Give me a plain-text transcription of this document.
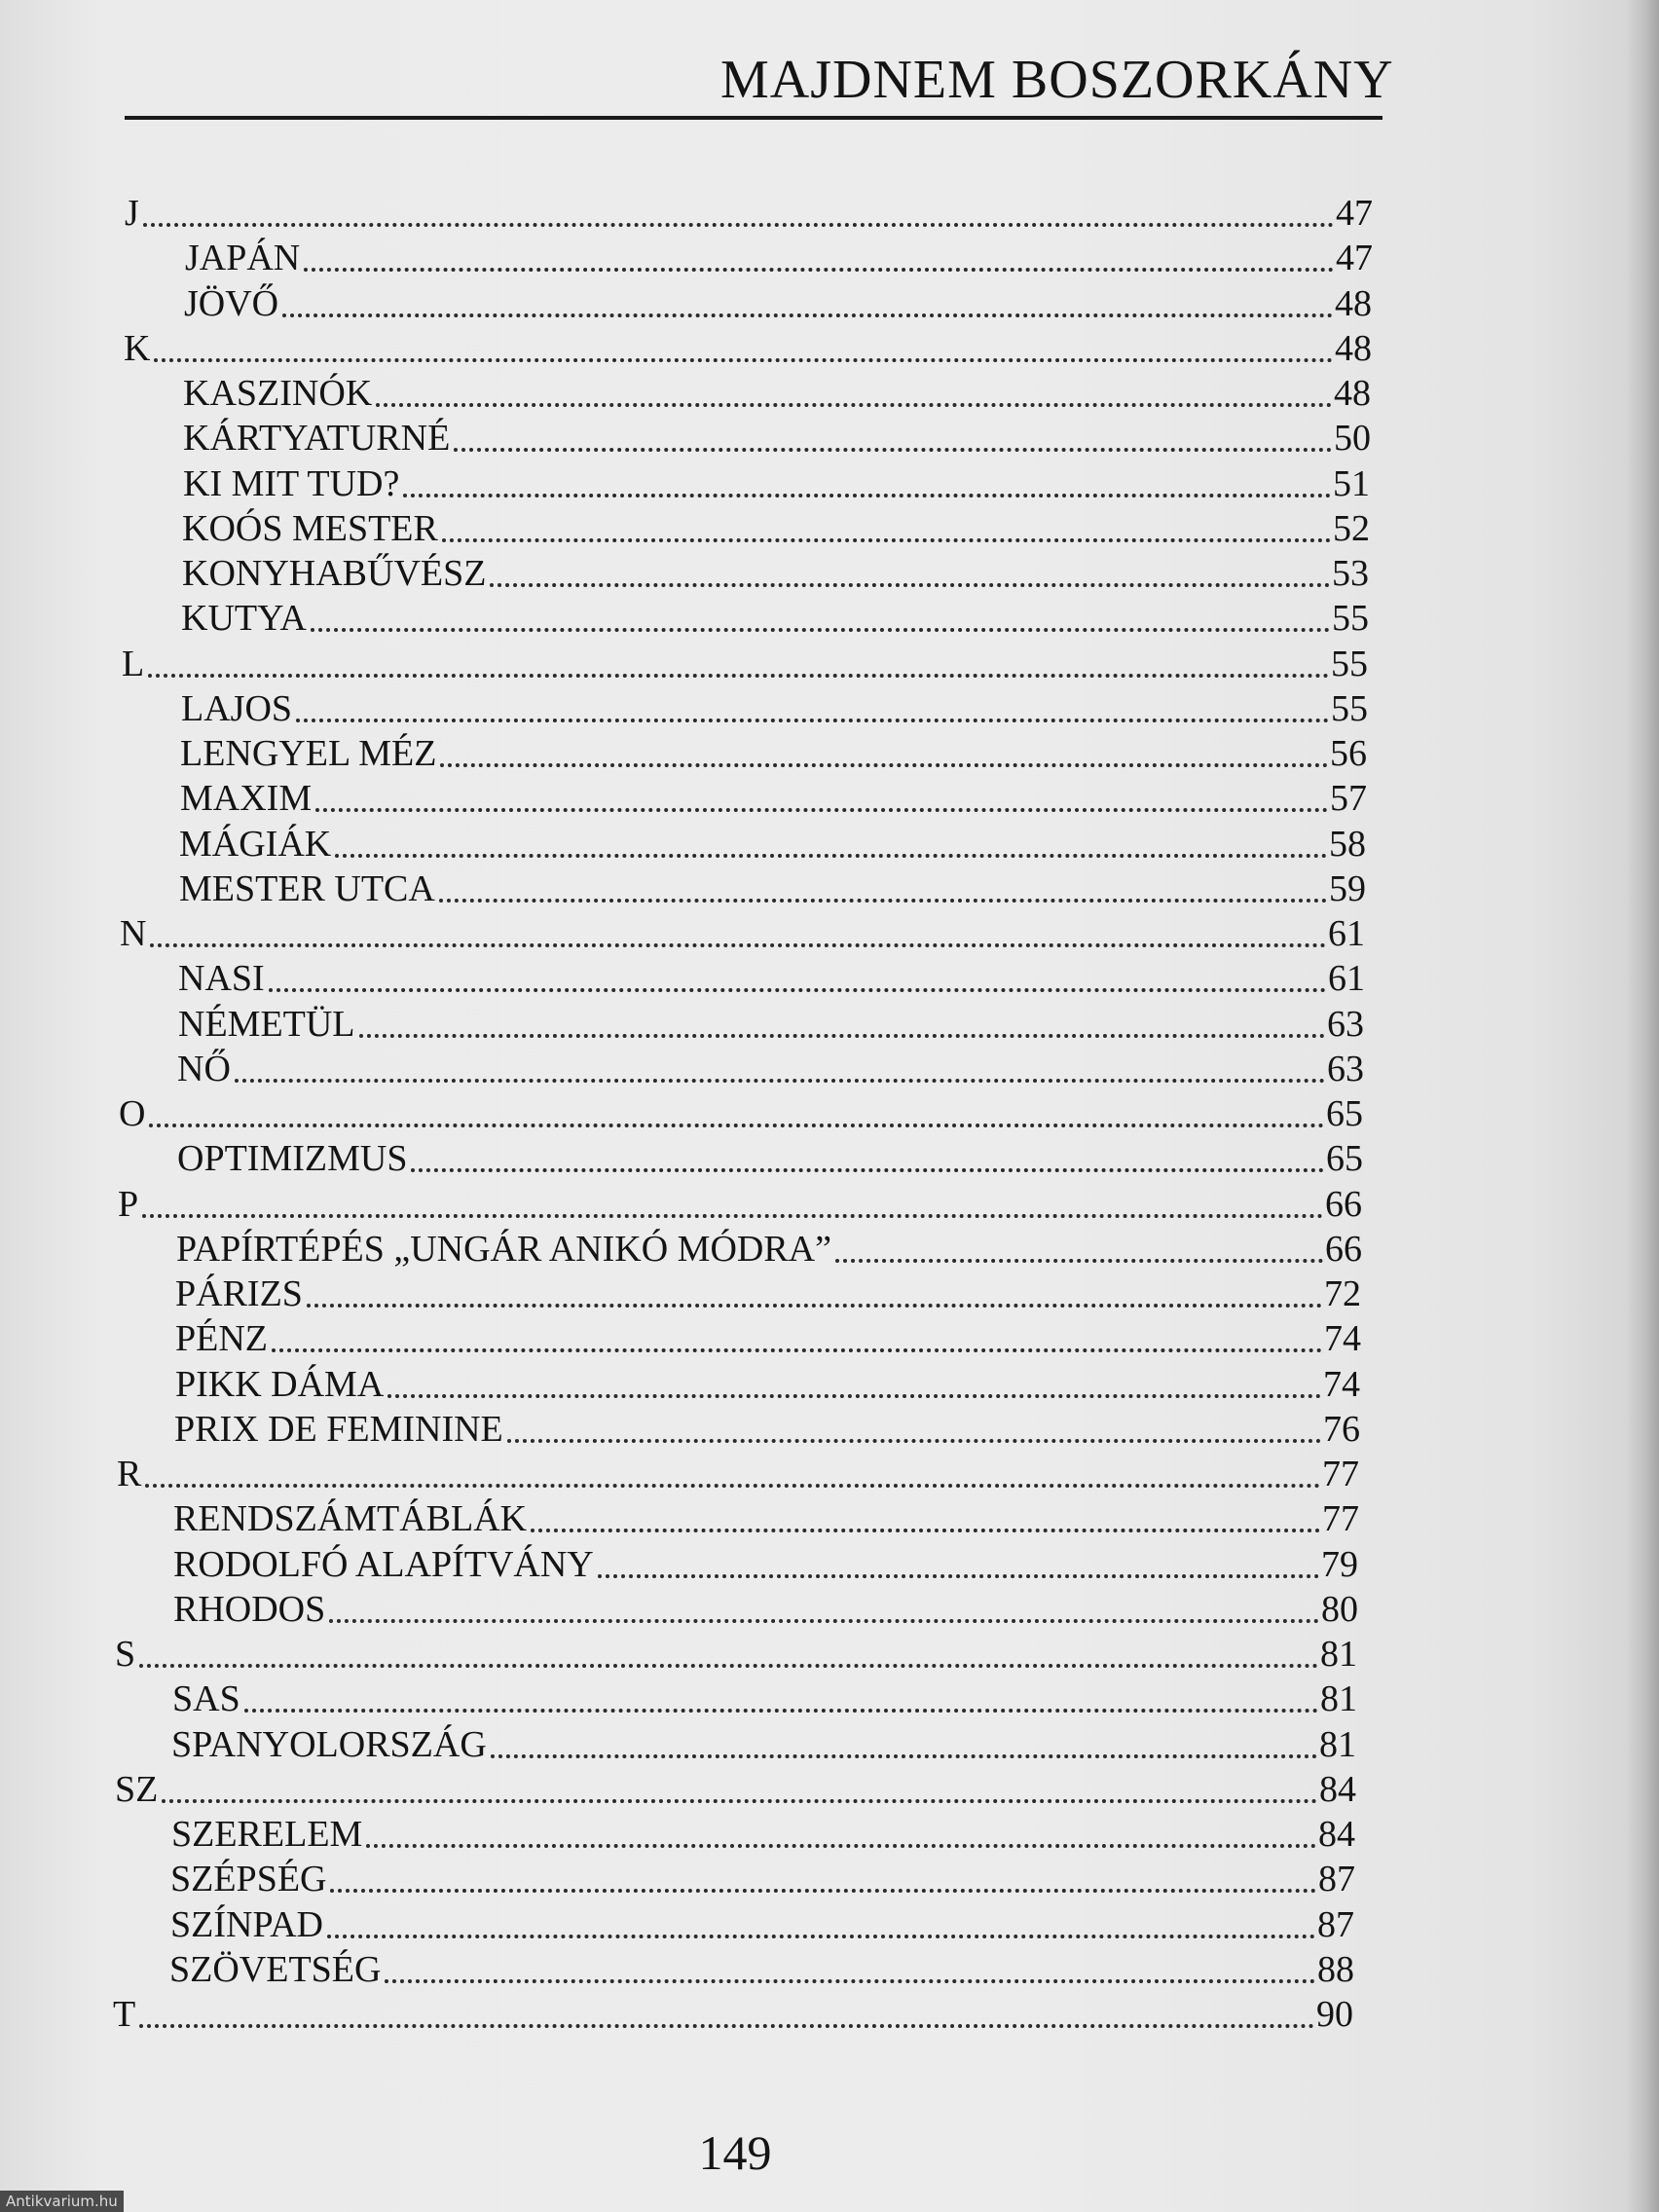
MAJDNEM BOSZORKÁNY
J	47
JAPÁN	47
JÖVŐ	48
K	48
KASZINÓK	48
KÁRTYATURNÉ	50
KI MIT TUD?	51
KOÓS MESTER	52
KONYHABŰVÉSZ	53
KUTYA	55
L	55
LAJOS	55
LENGYEL MÉZ	56
MAXIM	57
MÁGIÁK	58
MESTER UTCA	59
N	61
NASI	61
NÉMETÜL	63
NŐ	63
O	65
OPTIMIZMUS	65
P	66
PAPÍRTÉPÉS „UNGÁR ANIKÓ MÓDRA”	66
PÁRIZS	72
PÉNZ	74
PIKK DÁMA	74
PRIX DE FEMININE	76
R	77
RENDSZÁMTÁBLÁK	77
RODOLFÓ ALAPÍTVÁNY	79
RHODOS	80
S	81
SAS	81
SPANYOLORSZÁG	81
SZ	84
SZERELEM	84
SZÉPSÉG	87
SZÍNPAD	87
SZÖVETSÉG	88
T	90
149
Antikvarium.hu
